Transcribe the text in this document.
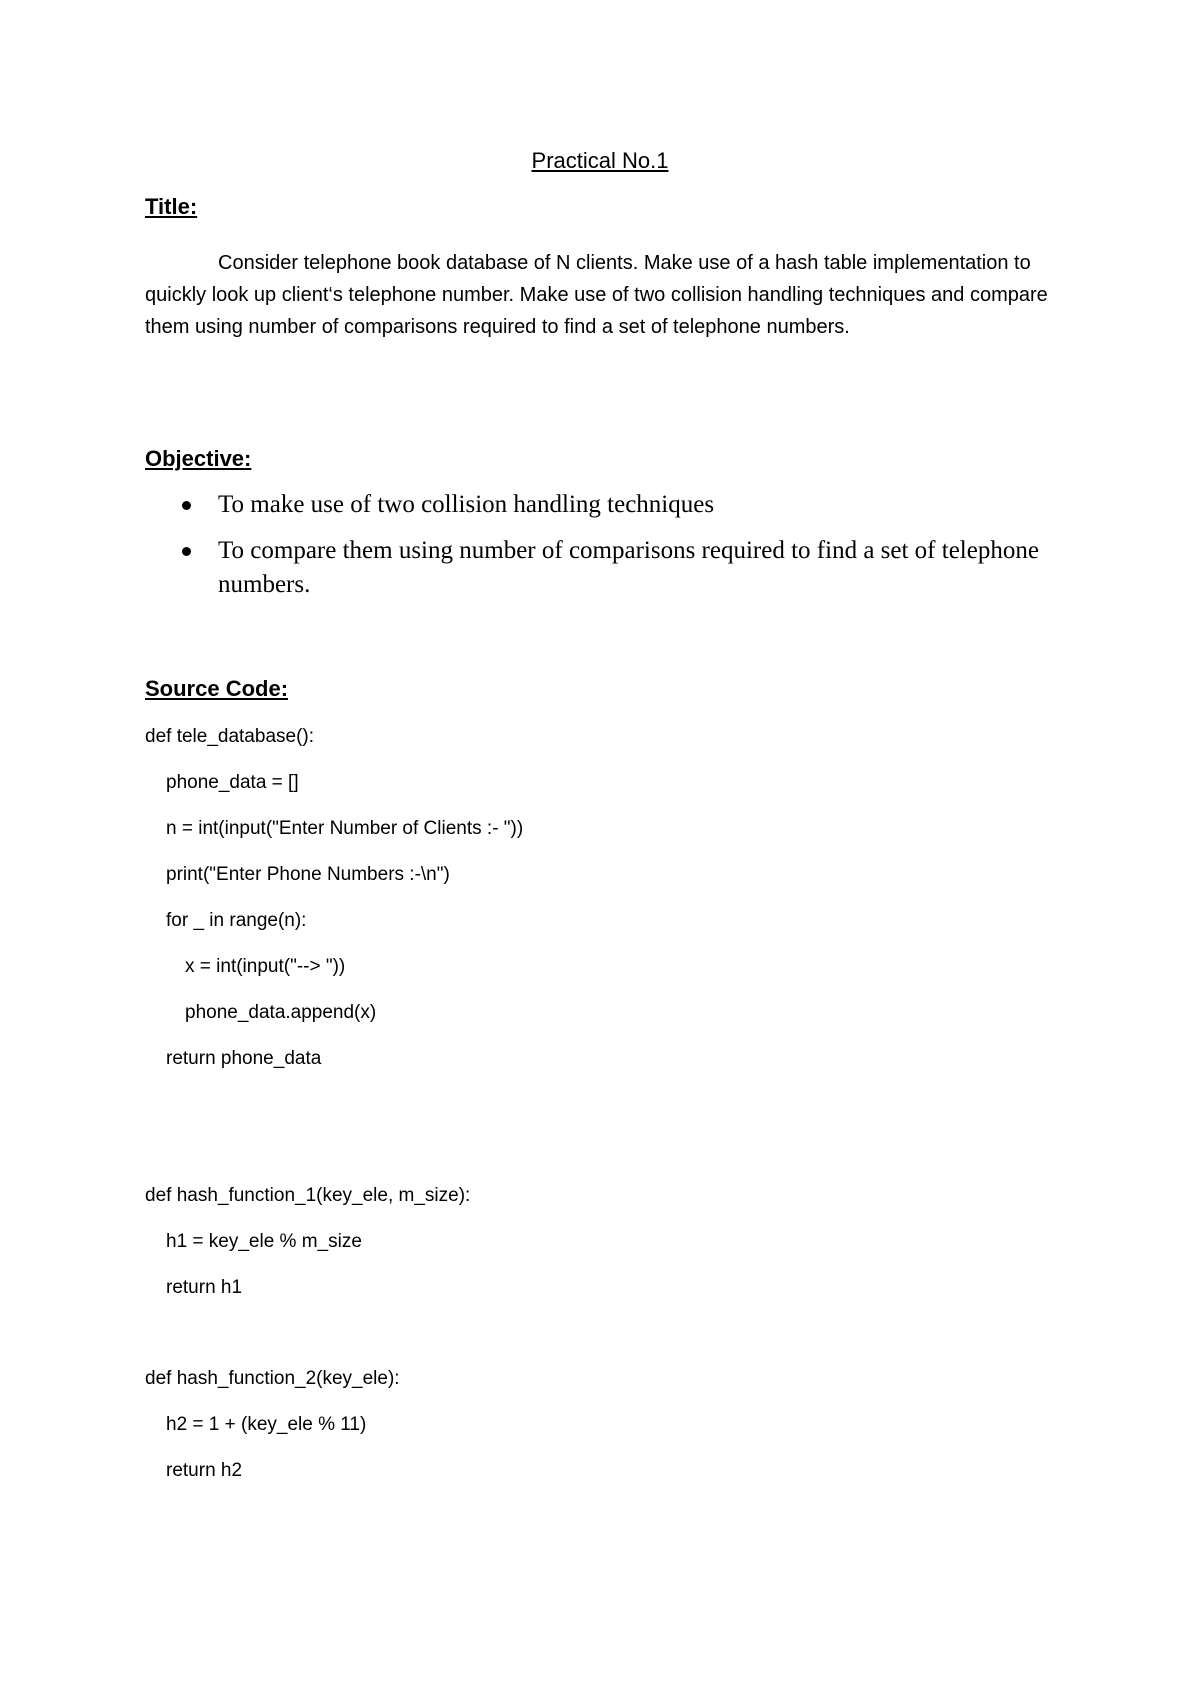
Practical No.1
Title:

Consider telephone book database of N clients. Make use of a hash table implementation to quickly look up client‘s telephone number. Make use of two collision handling techniques and compare them using number of comparisons required to find a set of telephone numbers.

Objective:
To make use of two collision handling techniques
To compare them using number of comparisons required to find a set of telephone numbers.
Source Code:
def tele_database():
phone_data = []
n = int(input("Enter Number of Clients :- "))
print("Enter Phone Numbers :-\n")
for _ in range(n):
x = int(input("--> "))
phone_data.append(x)
return phone_data
def hash_function_1(key_ele, m_size):
h1 = key_ele % m_size
return h1
def hash_function_2(key_ele):
h2 = 1 + (key_ele % 11)
return h2
